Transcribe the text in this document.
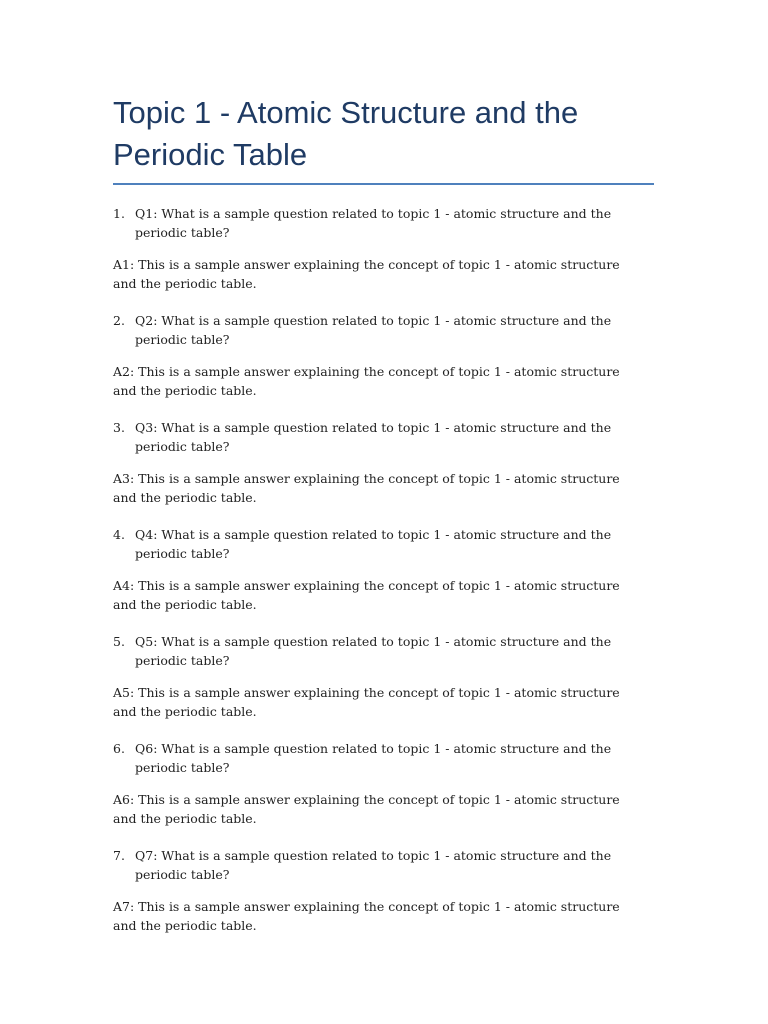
Topic 1 - Atomic Structure and the Periodic Table
1. Q1: What is a sample question related to topic 1 - atomic structure and the periodic table?
A1: This is a sample answer explaining the concept of topic 1 - atomic structure and the periodic table.
2. Q2: What is a sample question related to topic 1 - atomic structure and the periodic table?
A2: This is a sample answer explaining the concept of topic 1 - atomic structure and the periodic table.
3. Q3: What is a sample question related to topic 1 - atomic structure and the periodic table?
A3: This is a sample answer explaining the concept of topic 1 - atomic structure and the periodic table.
4. Q4: What is a sample question related to topic 1 - atomic structure and the periodic table?
A4: This is a sample answer explaining the concept of topic 1 - atomic structure and the periodic table.
5. Q5: What is a sample question related to topic 1 - atomic structure and the periodic table?
A5: This is a sample answer explaining the concept of topic 1 - atomic structure and the periodic table.
6. Q6: What is a sample question related to topic 1 - atomic structure and the periodic table?
A6: This is a sample answer explaining the concept of topic 1 - atomic structure and the periodic table.
7. Q7: What is a sample question related to topic 1 - atomic structure and the periodic table?
A7: This is a sample answer explaining the concept of topic 1 - atomic structure and the periodic table.
